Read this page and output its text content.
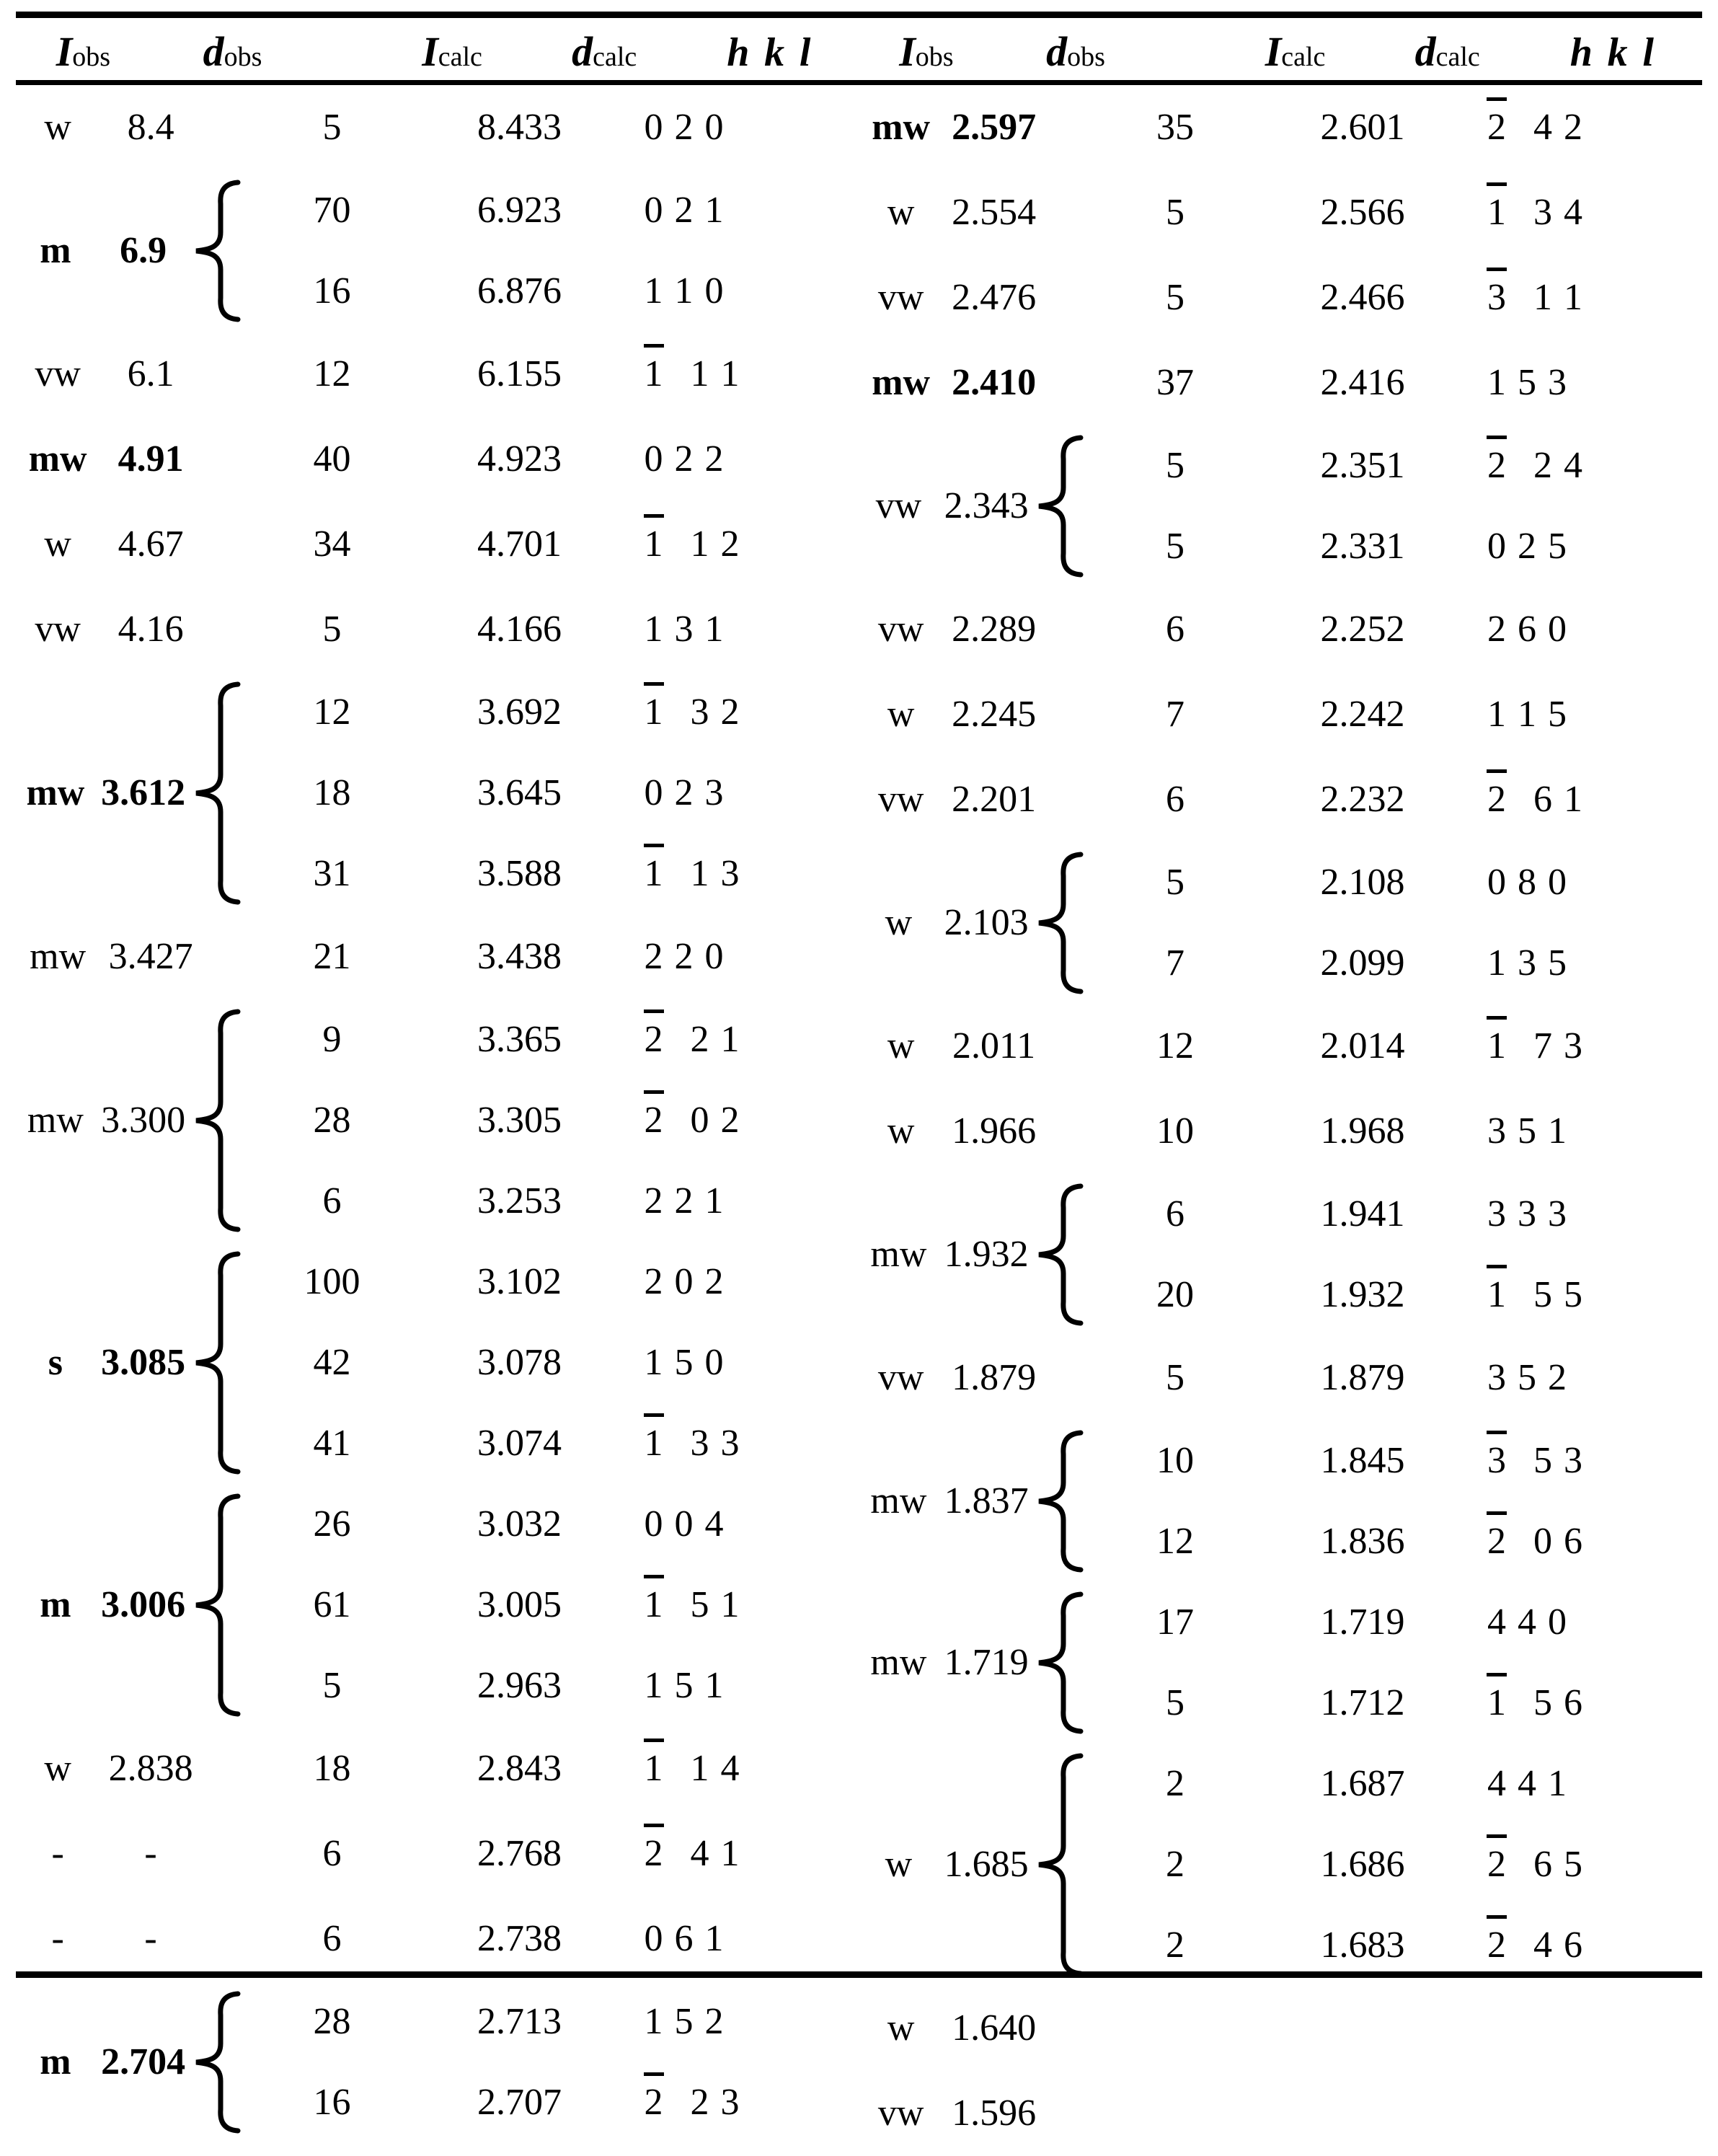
Iobs	dobs	Icalc	dcalc	h k l	Iobs	dobs	Icalc	dcalc	h k l
w	8.4	5	8.433	0 2 0
m	6.9
70	6.923	0 2 1
16	6.876	1 1 0
vw	6.1	12	6.155	1 1 1
mw 4.91	40	4.923	0 2 2
w	4.67	34	4.701	1 1 2
vw 4.16	5	4.166	1 3 1
mw 3.612
12	3.692	1 3 2
18	3.645	0 2 3
31	3.588	1 1 3
mw 3.427	21	3.438	2 2 0
mw 3.300
9	3.365	2 2 1
28	3.305	2 0 2
6	3.253	2 2 1
s	3.085
100	3.102	2 0 2
42	3.078	1 5 0
41	3.074	1 3 3
m 3.006
26	3.032	0 0 4
61	3.005	1 5 1
5	2.963	1 5 1
w 2.838	18	2.843	1 1 4
-	-	6	2.768	2 4 1
-	-	6	2.738	0 6 1
m 2.704
28	2.713	1 5 2
16	2.707	2 2 3
mw 2.597	35	2.601	2 4 2
w 2.554	5	2.566	1 3 4
vw 2.476	5	2.466	3 1 1
mw 2.410	37	2.416	1 5 3
vw 2.343
5	2.351	2 2 4
5	2.331	0 2 5
vw 2.289	6	2.252	2 6 0
w 2.245	7	2.242	1 1 5
vw 2.201	6	2.232	2 6 1
w 2.103
5	2.108	0 8 0
7	2.099	1 3 5
w	2.011	12	2.014	1 7 3
w 1.966	10	1.968	3 5 1
mw 1.932
6	1.941	3 3 3
20	1.932	1 5 5
vw 1.879	5	1.879	3 5 2
mw 1.837
10	1.845	3 5 3
12	1.836	2 0 6
mw 1.719
17	1.719	4 4 0
5	1.712	1 5 6
w 1.685
2	1.687	4 4 1
2	1.686	2 6 5
2	1.683	2 4 6
w 1.640
vw 1.596
